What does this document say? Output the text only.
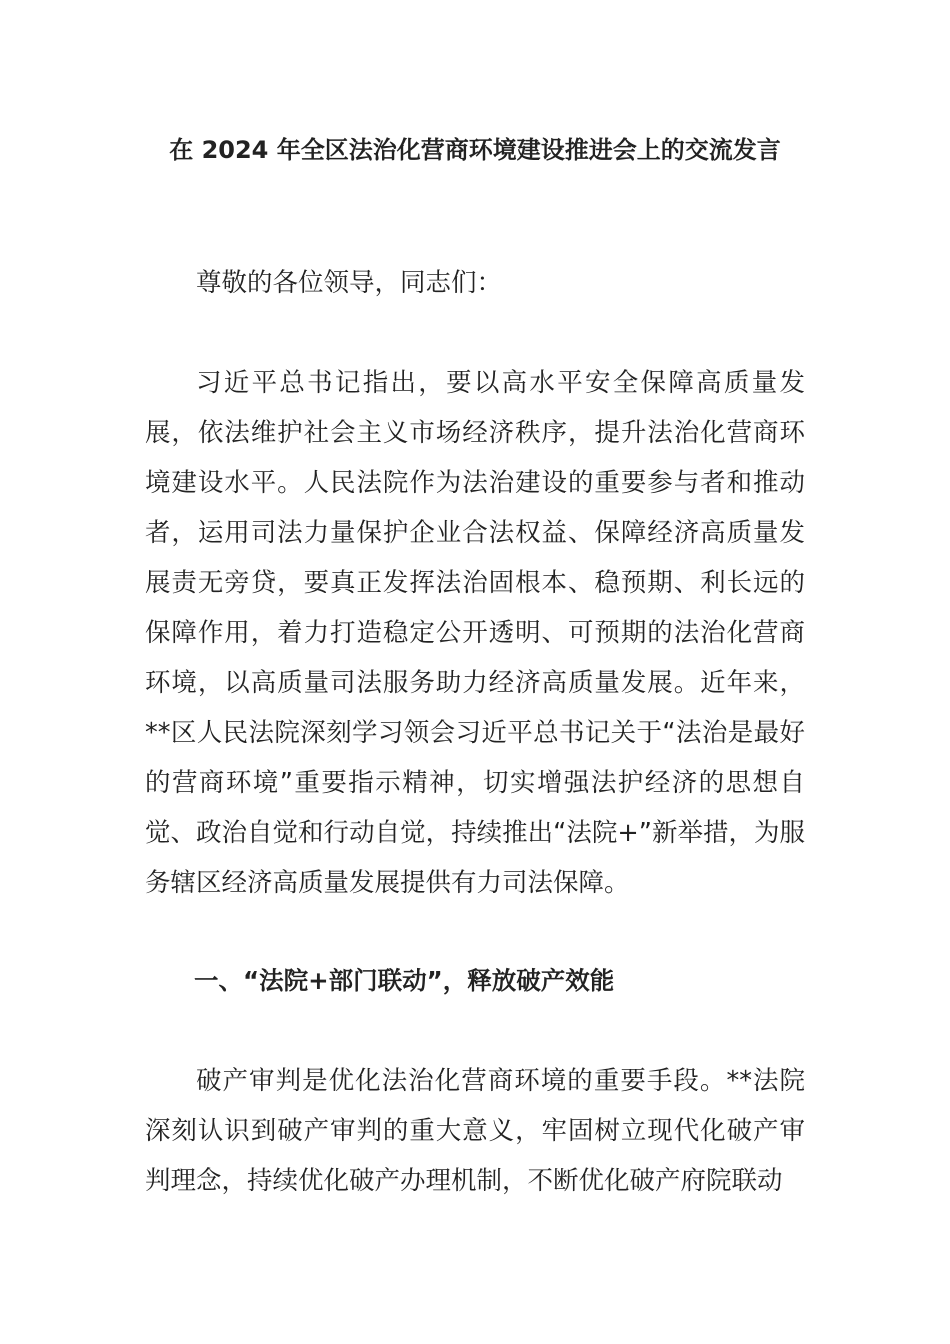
在 2024 年全区法治化营商环境建设推进会上的交流发言

尊敬的各位领导，同志们：

习近平总书记指出，要以高水平安全保障高质量发展，依法维护社会主义市场经济秩序，提升法治化营商环境建设水平。人民法院作为法治建设的重要参与者和推动者，运用司法力量保护企业合法权益、保障经济高质量发展责无旁贷，要真正发挥法治固根本、稳预期、利长远的保障作用，着力打造稳定公开透明、可预期的法治化营商环境，以高质量司法服务助力经济高质量发展。近年来，**区人民法院深刻学习领会习近平总书记关于“法治是最好的营商环境”重要指示精神，切实增强法护经济的思想自觉、政治自觉和行动自觉，持续推出“法院+”新举措，为服务辖区经济高质量发展提供有力司法保障。

一、“法院+部门联动”，释放破产效能

破产审判是优化法治化营商环境的重要手段。**法院深刻认识到破产审判的重大意义，牢固树立现代化破产审判理念，持续优化破产办理机制，不断优化破产府院联动
